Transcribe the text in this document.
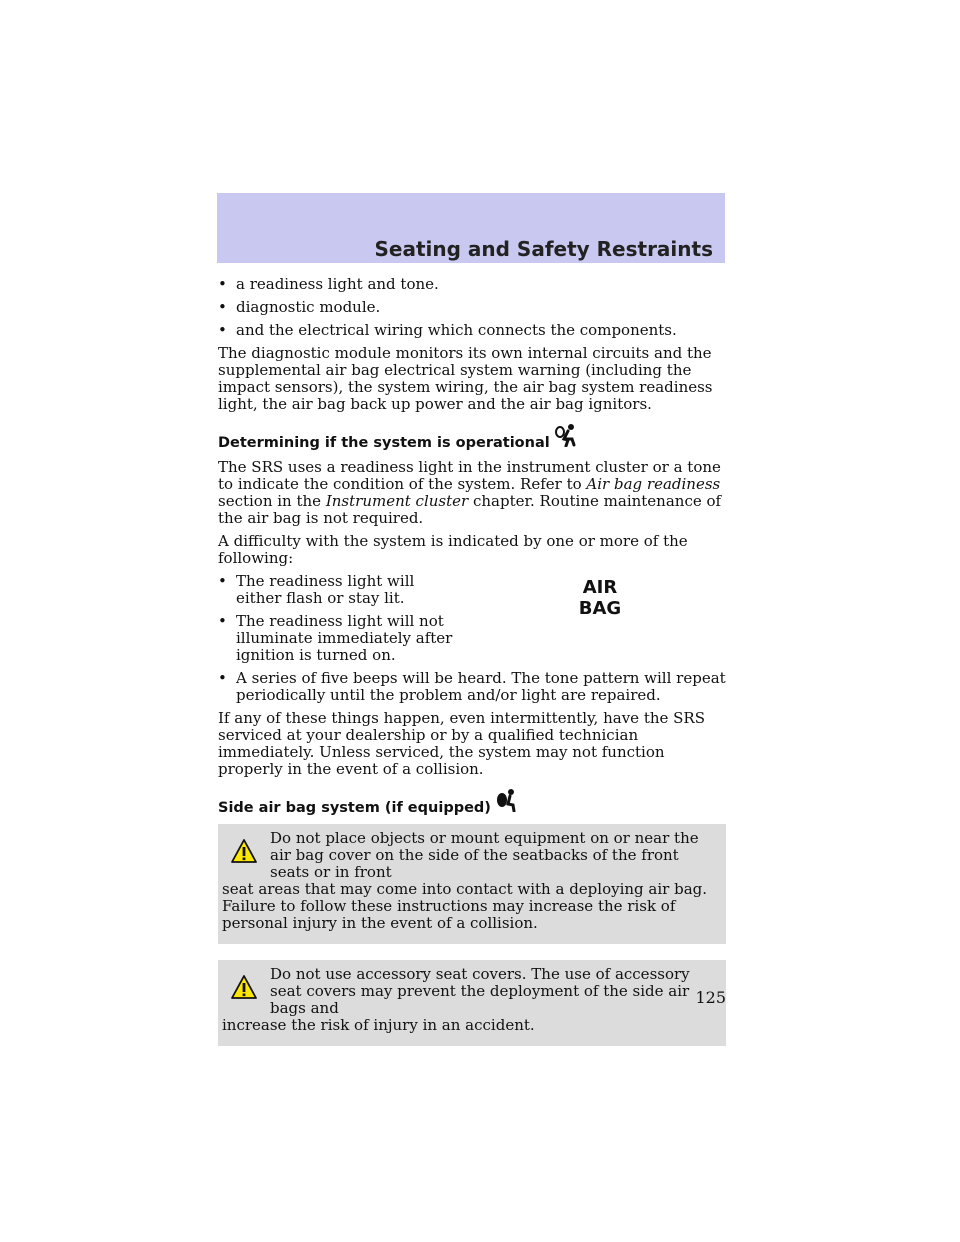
Seating and Safety Restraints
• a readiness light and tone.
• diagnostic module.
• and the electrical wiring which connects the components.

The diagnostic module monitors its own internal circuits and the supplemental air bag electrical system warning (including the impact sensors), the system wiring, the air bag system readiness light, the air bag back up power and the air bag ignitors.

Determining if the system is operational

The SRS uses a readiness light in the instrument cluster or a tone to indicate the condition of the system. Refer to Air bag readiness section in the Instrument cluster chapter. Routine maintenance of the air bag is not required.

A difficulty with the system is indicated by one or more of the following:

• The readiness light will either flash or stay lit.
• The readiness light will not illuminate immediately after ignition is turned on.
AIR
BAG
• A series of five beeps will be heard. The tone pattern will repeat periodically until the problem and/or light are repaired.

If any of these things happen, even intermittently, have the SRS serviced at your dealership or by a qualified technician immediately. Unless serviced, the system may not function properly in the event of a collision.

Side air bag system (if equipped)
Do not place objects or mount equipment on or near the air bag cover on the side of the seatbacks of the front seats or in front
seat areas that may come into contact with a deploying air bag. Failure to follow these instructions may increase the risk of personal injury in the event of a collision.
Do not use accessory seat covers. The use of accessory seat covers may prevent the deployment of the side air bags and
increase the risk of injury in an accident.
125
